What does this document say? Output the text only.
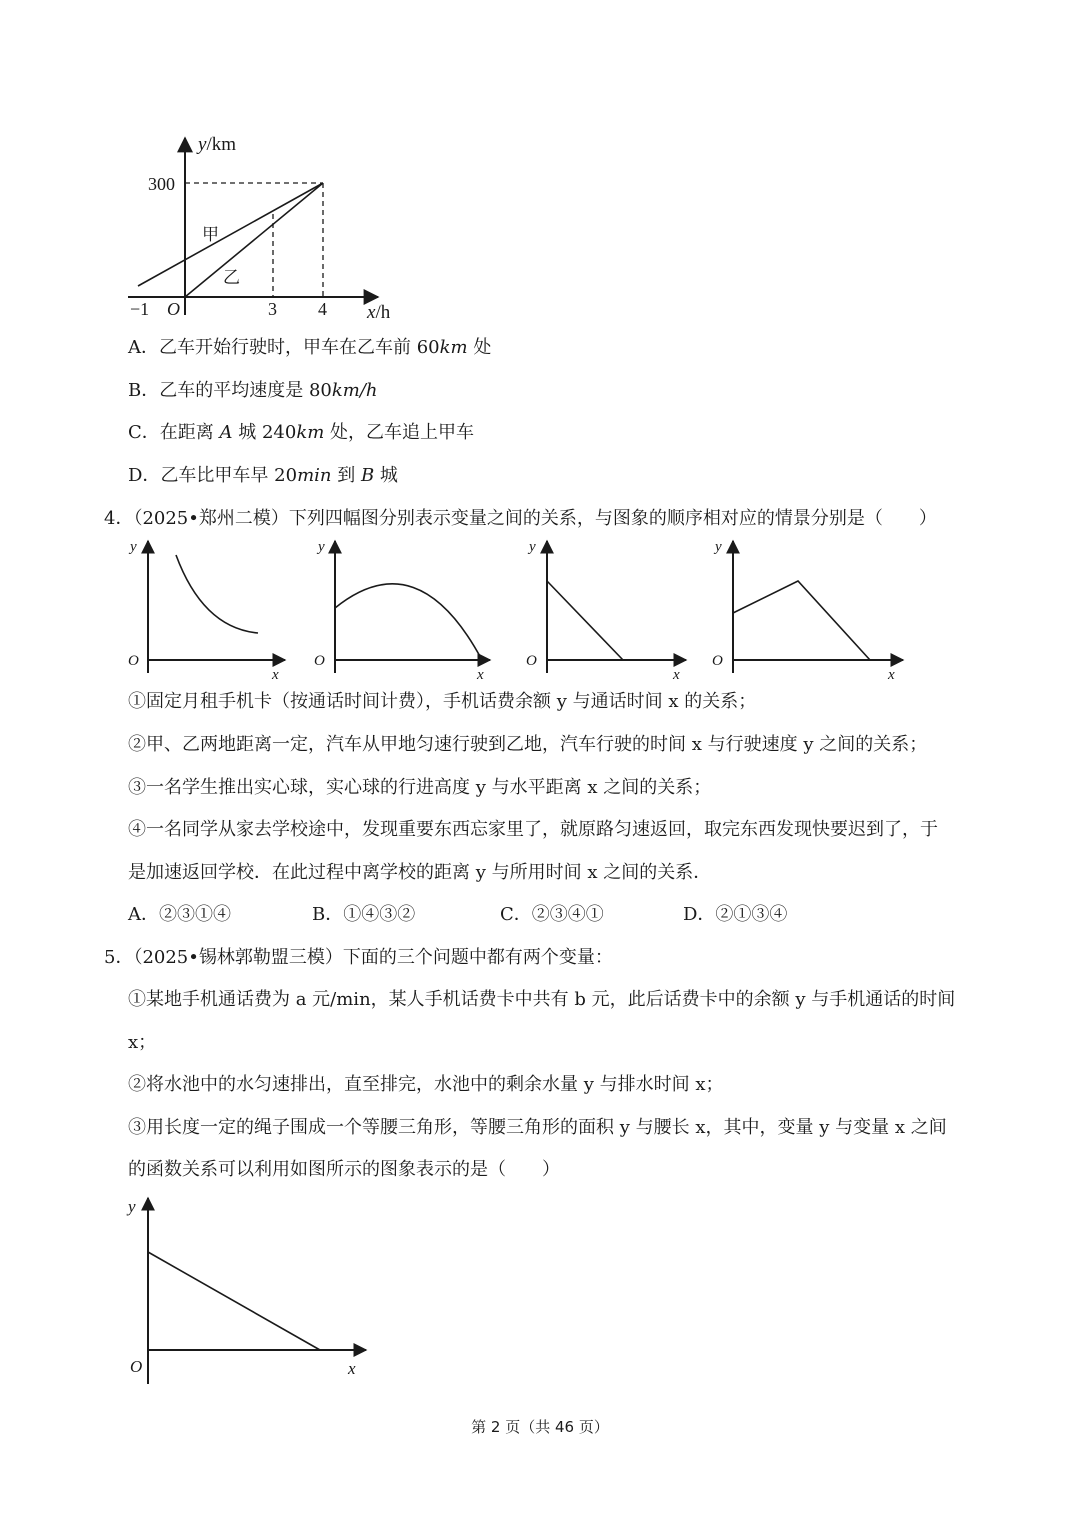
y/km
x/h
300
−1 O	3 4
甲
乙
A．乙车开始行驶时，甲车在乙车前 60km 处
B．乙车的平均速度是 80km/h
C．在距离 A 城 240km 处，乙车追上甲车
D．乙车比甲车早 20min 到 B 城
4．（2025•郑州二模）下列四幅图分别表示变量之间的关系，与图象的顺序相对应的情景分别是（　　）
y
O
x
y
O
x
y
O
x
y
O
x
①固定月租手机卡（按通话时间计费），手机话费余额 y 与通话时间 x 的关系；
②甲、乙两地距离一定，汽车从甲地匀速行驶到乙地，汽车行驶的时间 x 与行驶速度 y 之间的关系；
③一名学生推出实心球，实心球的行进高度 y 与水平距离 x 之间的关系；
④一名同学从家去学校途中，发现重要东西忘家里了，就原路匀速返回，取完东西发现快要迟到了，于
是加速返回学校．在此过程中离学校的距离 y 与所用时间 x 之间的关系．
A．②③①④	B．①④③②	C．②③④①	D．②①③④
5．（2025•锡林郭勒盟三模）下面的三个问题中都有两个变量：
①某地手机通话费为 a 元/min，某人手机话费卡中共有 b 元，此后话费卡中的余额 y 与手机通话的时间
x；
②将水池中的水匀速排出，直至排完，水池中的剩余水量 y 与排水时间 x；
③用长度一定的绳子围成一个等腰三角形，等腰三角形的面积 y 与腰长 x，其中，变量 y 与变量 x 之间
的函数关系可以利用如图所示的图象表示的是（　　）
y
O	x
第 2 页（共 46 页）
